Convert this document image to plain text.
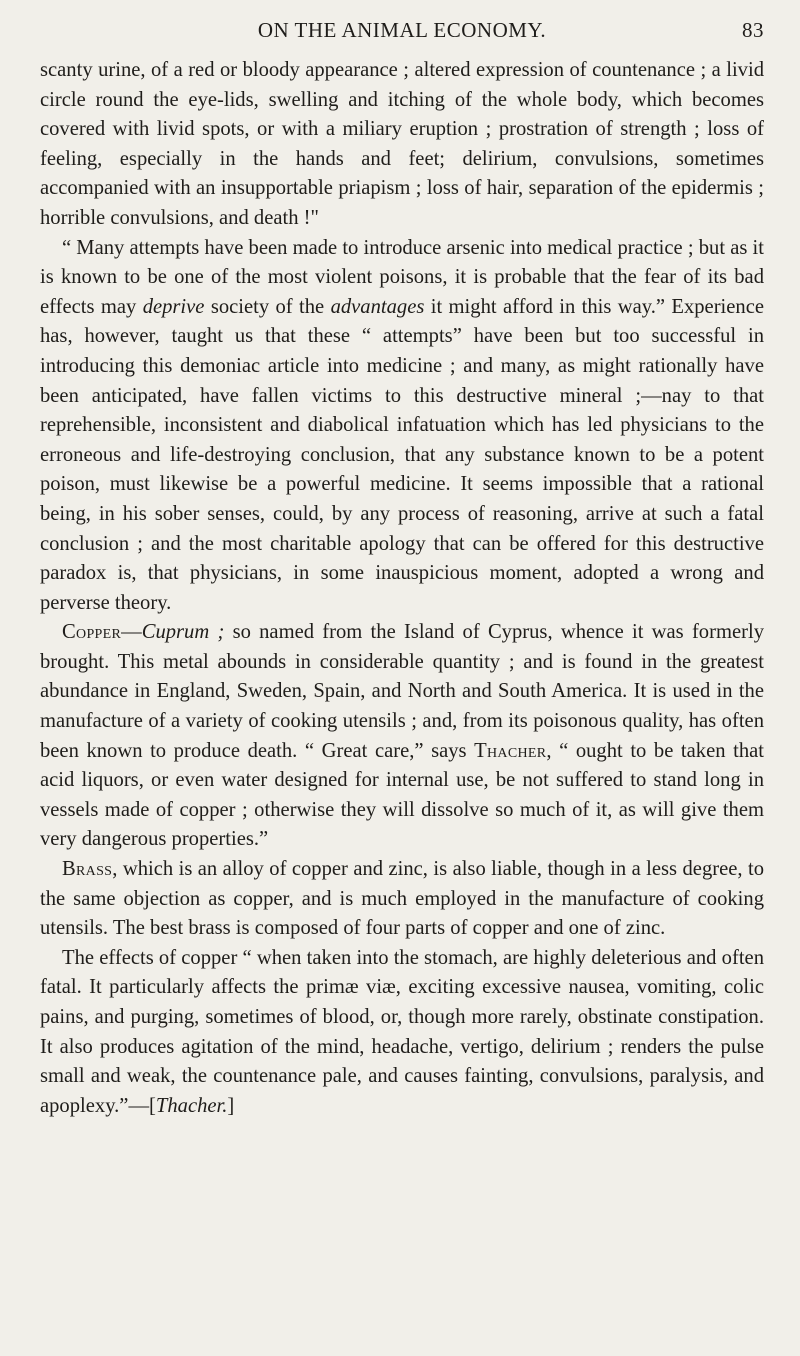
ON THE ANIMAL ECONOMY.	83

scanty urine, of a red or bloody appearance ; altered expression of countenance ; a livid circle round the eye-lids, swelling and itching of the whole body, which becomes covered with livid spots, or with a miliary eruption ; prostration of strength ; loss of feeling, especially in the hands and feet; delirium, convulsions, sometimes accompanied with an insupportable priapism ; loss of hair, separation of the epidermis ; horrible convulsions, and death !"

“ Many attempts have been made to introduce arsenic into medical practice ; but as it is known to be one of the most violent poisons, it is probable that the fear of its bad effects may deprive society of the advantages it might afford in this way.” Experience has, however, taught us that these “ attempts” have been but too successful in introducing this demoniac article into medicine ; and many, as might rationally have been anticipated, have fallen victims to this destructive mineral ;—nay to that reprehensible, inconsistent and diabolical infatuation which has led physicians to the erroneous and life-destroying conclusion, that any substance known to be a potent poison, must likewise be a powerful medicine. It seems impossible that a rational being, in his sober senses, could, by any process of reasoning, arrive at such a fatal conclusion ; and the most charitable apology that can be offered for this destructive paradox is, that physicians, in some inauspicious moment, adopted a wrong and perverse theory.

Copper—Cuprum ; so named from the Island of Cyprus, whence it was formerly brought. This metal abounds in considerable quantity ; and is found in the greatest abundance in England, Sweden, Spain, and North and South America. It is used in the manufacture of a variety of cooking utensils ; and, from its poisonous quality, has often been known to produce death. “ Great care,” says Thacher, “ ought to be taken that acid liquors, or even water designed for internal use, be not suffered to stand long in vessels made of copper ; otherwise they will dissolve so much of it, as will give them very dangerous properties.”

Brass, which is an alloy of copper and zinc, is also liable, though in a less degree, to the same objection as copper, and is much employed in the manufacture of cooking utensils. The best brass is composed of four parts of copper and one of zinc.

The effects of copper “ when taken into the stomach, are highly deleterious and often fatal. It particularly affects the primæ viæ, exciting excessive nausea, vomiting, colic pains, and purging, sometimes of blood, or, though more rarely, obstinate constipation. It also produces agitation of the mind, headache, vertigo, delirium ; renders the pulse small and weak, the countenance pale, and causes fainting, convulsions, paralysis, and apoplexy.”—[Thacher.]
